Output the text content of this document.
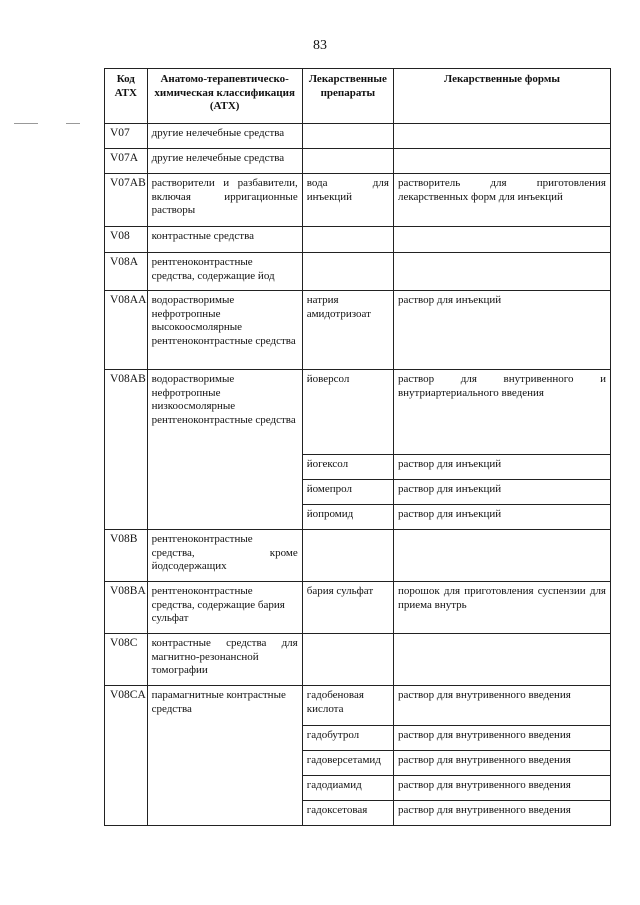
83
Код АТХ	Анатомо-терапевтическо-химическая классификация (АТХ)	Лекарственные препараты	Лекарственные формы
V07	другие нелечебные средства		
V07A	другие нелечебные средства		
V07AB	растворители и разбавители, включая ирригационные растворы	вода для инъекций	растворитель для приготовления лекарственных форм для инъекций
V08	контрастные средства		
V08A	рентгеноконтрастные средства, содержащие йод		
V08AA	водорастворимые нефротропные высокоосмолярные рентгеноконтрастные средства	натрия амидотризоат	раствор для инъекций
V08AB	водорастворимые нефротропные низкоосмолярные рентгеноконтрастные средства	йоверсол	раствор для внутривенного и внутриартериального введения
		йогексол	раствор для инъекций
		йомепрол	раствор для инъекций
		йопромид	раствор для инъекций
V08B	рентгеноконтрастные средства, кроме йодсодержащих		
V08BA	рентгеноконтрастные средства, содержащие бария сульфат	бария сульфат	порошок для приготовления суспензии для приема внутрь
V08C	контрастные средства для магнитно-резонансной томографии		
V08CA	парамагнитные контрастные средства	гадобеновая кислота	раствор для внутривенного введения
		гадобутрол	раствор для внутривенного введения
		гадоверсетамид	раствор для внутривенного введения
		гадодиамид	раствор для внутривенного введения
		гадоксетовая	раствор для внутривенного введения
